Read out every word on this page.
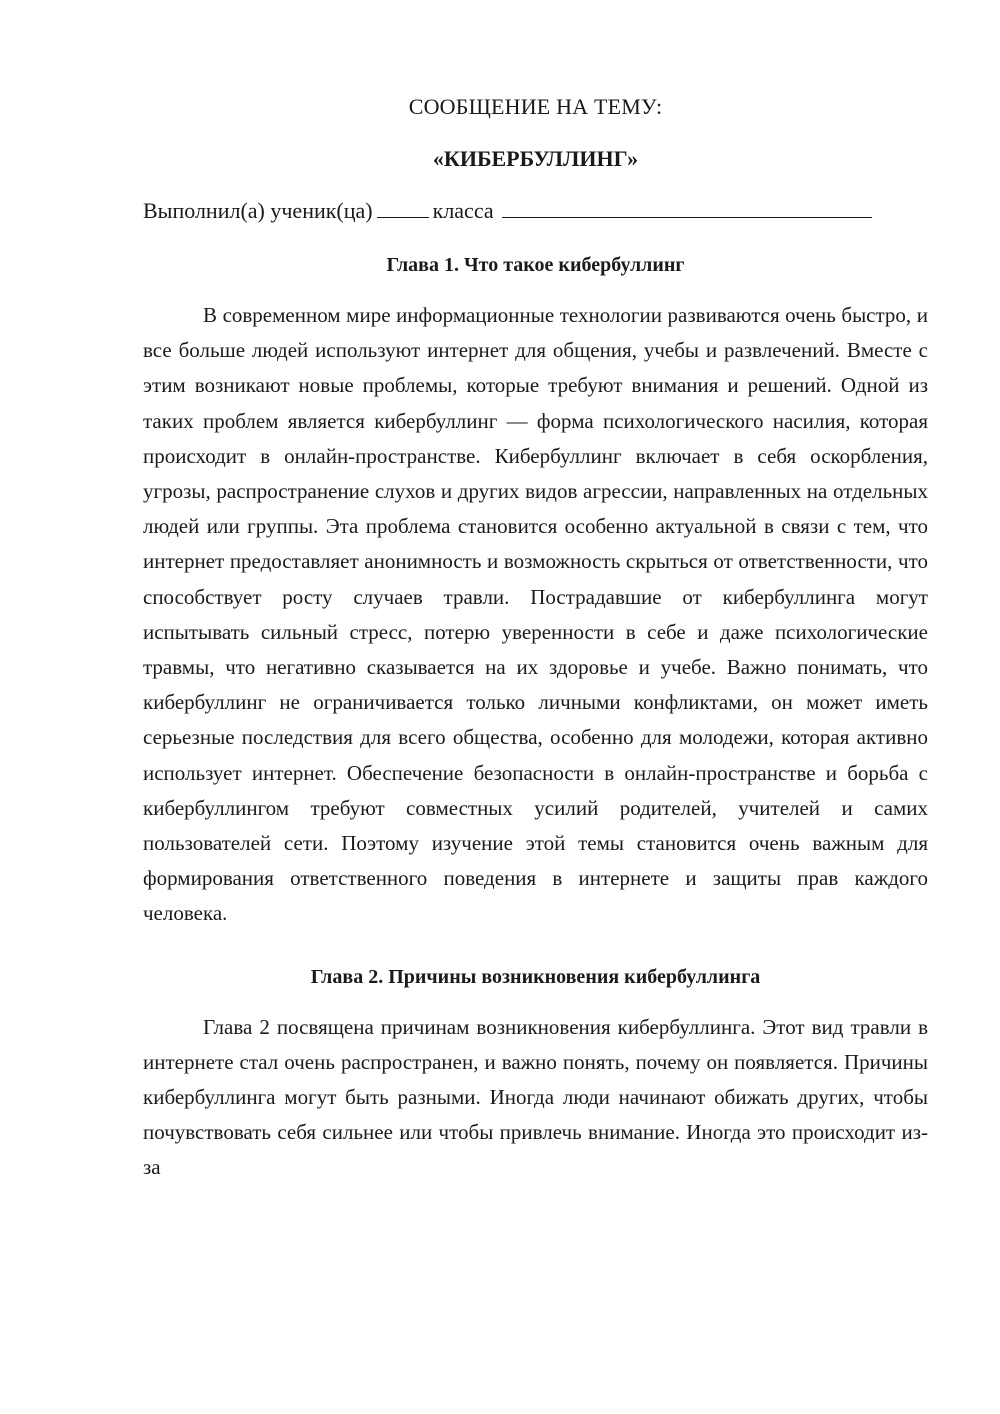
СООБЩЕНИЕ НА ТЕМУ:

«КИБЕРБУЛЛИНГ»

Выполнил(а) ученик(ца)	класса
Глава 1. Что такое кибербуллинг

В современном мире информационные технологии развиваются очень быстро, и все больше людей используют интернет для общения, учебы и развлечений. Вместе с этим возникают новые проблемы, которые требуют внимания и решений. Одной из таких проблем является кибербуллинг — форма психологического насилия, которая происходит в онлайн-пространстве. Кибербуллинг включает в себя оскорбления, угрозы, распространение слухов и других видов агрессии, направленных на отдельных людей или группы. Эта проблема становится особенно актуальной в связи с тем, что интернет предоставляет анонимность и возможность скрыться от ответственности, что способствует росту случаев травли. Пострадавшие от кибербуллинга могут испытывать сильный стресс, потерю уверенности в себе и даже психологические травмы, что негативно сказывается на их здоровье и учебе. Важно понимать, что кибербуллинг не ограничивается только личными конфликтами, он может иметь серьезные последствия для всего общества, особенно для молодежи, которая активно использует интернет. Обеспечение безопасности в онлайн-пространстве и борьба с кибербуллингом требуют совместных усилий родителей, учителей и самих пользователей сети. Поэтому изучение этой темы становится очень важным для формирования ответственного поведения в интернете и защиты прав каждого человека.

Глава 2. Причины возникновения кибербуллинга

Глава 2 посвящена причинам возникновения кибербуллинга. Этот вид травли в интернете стал очень распространен, и важно понять, почему он появляется. Причины кибербуллинга могут быть разными. Иногда люди начинают обижать других, чтобы почувствовать себя сильнее или чтобы привлечь внимание. Иногда это происходит из-за
